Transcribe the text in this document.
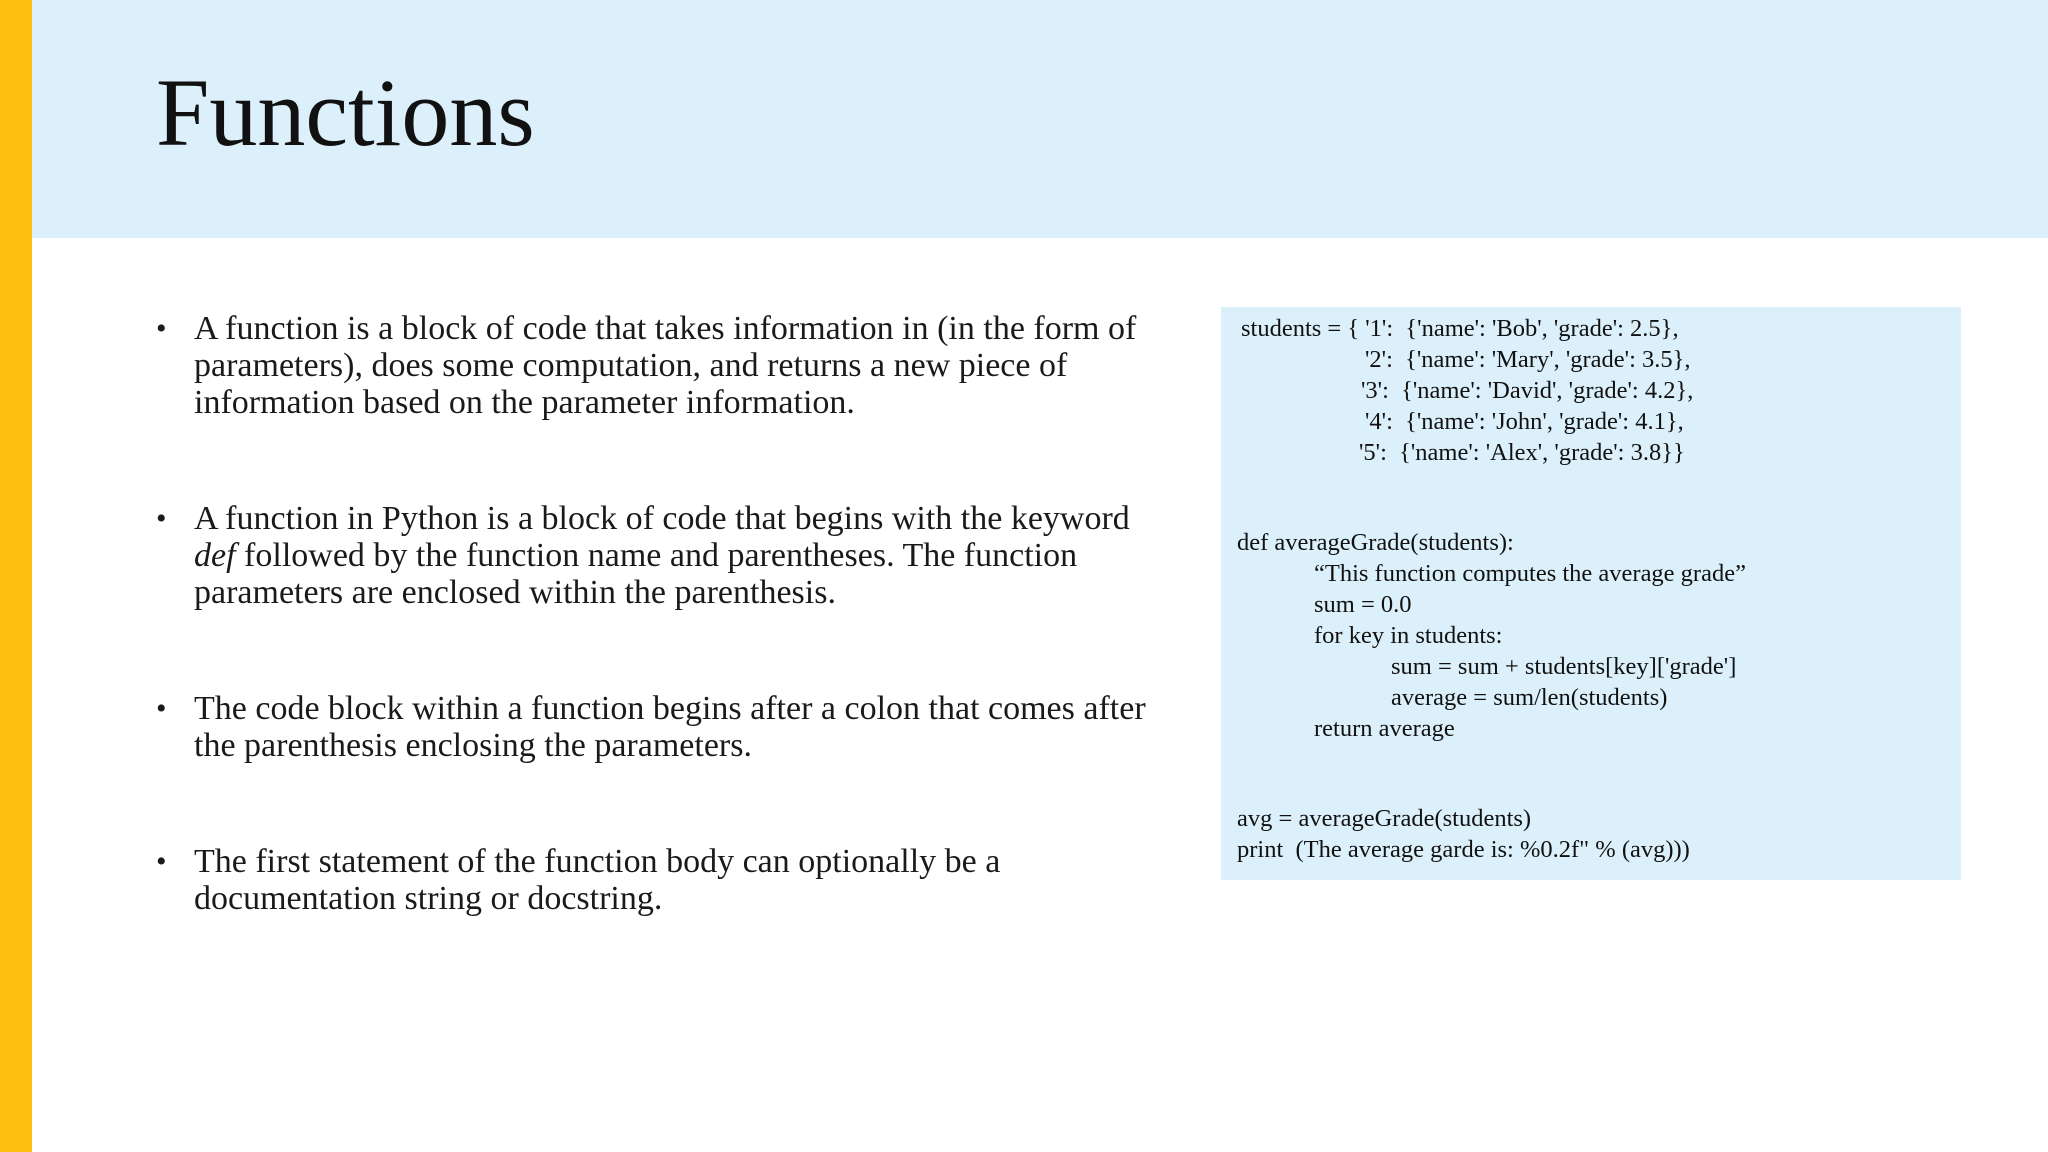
Functions
• A function is a block of code that takes information in (in the form of
parameters), does some computation, and returns a new piece of
information based on the parameter information.
• A function in Python is a block of code that begins with the keyword
def followed by the function name and parentheses. The function
parameters are enclosed within the parenthesis.
• The code block within a function begins after a colon that comes after
the parenthesis enclosing the parameters.
• The first statement of the function body can optionally be a
documentation string or docstring.
students = { '1':  {'name': 'Bob', 'grade': 2.5},
'2':  {'name': 'Mary', 'grade': 3.5},
'3':  {'name': 'David', 'grade': 4.2},
'4':  {'name': 'John', 'grade': 4.1},
'5':  {'name': 'Alex', 'grade': 3.8}}
def averageGrade(students):
“This function computes the average grade”
sum = 0.0
for key in students:
sum = sum + students[key]['grade']
average = sum/len(students)
return average
avg = averageGrade(students)
print  (The average garde is: %0.2f" % (avg)))
